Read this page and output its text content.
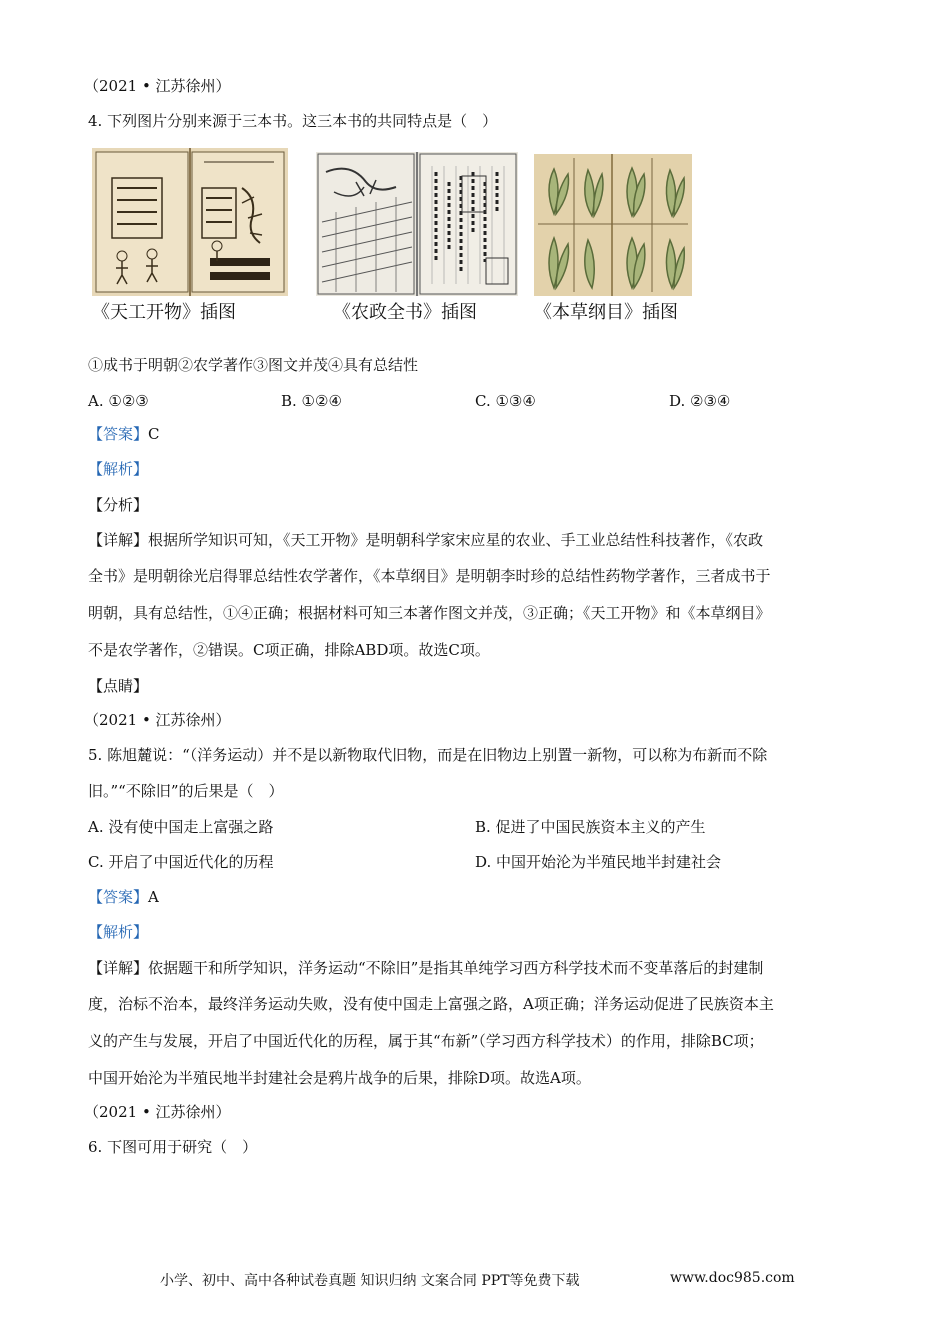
（2021 • 江苏徐州）
4. 下列图片分别来源于三本书。这三本书的共同特点是（　）
《天工开物》插图	《农政全书》插图	《本草纲目》插图
①成书于明朝②农学著作③图文并茂④具有总结性
A. ①②③	B. ①②④	C. ①③④	D. ②③④
【答案】C
【解析】
【分析】
【详解】根据所学知识可知，《天工开物》是明朝科学家宋应星的农业、手工业总结性科技著作，《农政
全书》是明朝徐光启得罪总结性农学著作，《本草纲目》是明朝李时珍的总结性药物学著作，三者成书于
明朝，具有总结性，①④正确；根据材料可知三本著作图文并茂，③正确；《天工开物》和《本草纲目》
不是农学著作，②错误。C项正确，排除ABD项。故选C项。
【点睛】
（2021 • 江苏徐州）
5. 陈旭麓说：“（洋务运动）并不是以新物取代旧物，而是在旧物边上别置一新物，可以称为布新而不除
旧。”“不除旧”的后果是（　）
A. 没有使中国走上富强之路	B. 促进了中国民族资本主义的产生
C. 开启了中国近代化的历程	D. 中国开始沦为半殖民地半封建社会
【答案】A
【解析】
【详解】依据题干和所学知识，洋务运动“不除旧”是指其单纯学习西方科学技术而不变革落后的封建制
度，治标不治本，最终洋务运动失败，没有使中国走上富强之路，A项正确；洋务运动促进了民族资本主
义的产生与发展，开启了中国近代化的历程，属于其“布新”（学习西方科学技术）的作用，排除BC项；
中国开始沦为半殖民地半封建社会是鸦片战争的后果，排除D项。故选A项。
（2021 • 江苏徐州）
6. 下图可用于研究（　）
小学、初中、高中各种试卷真题 知识归纳 文案合同 PPT等免费下载	www.doc985.com
